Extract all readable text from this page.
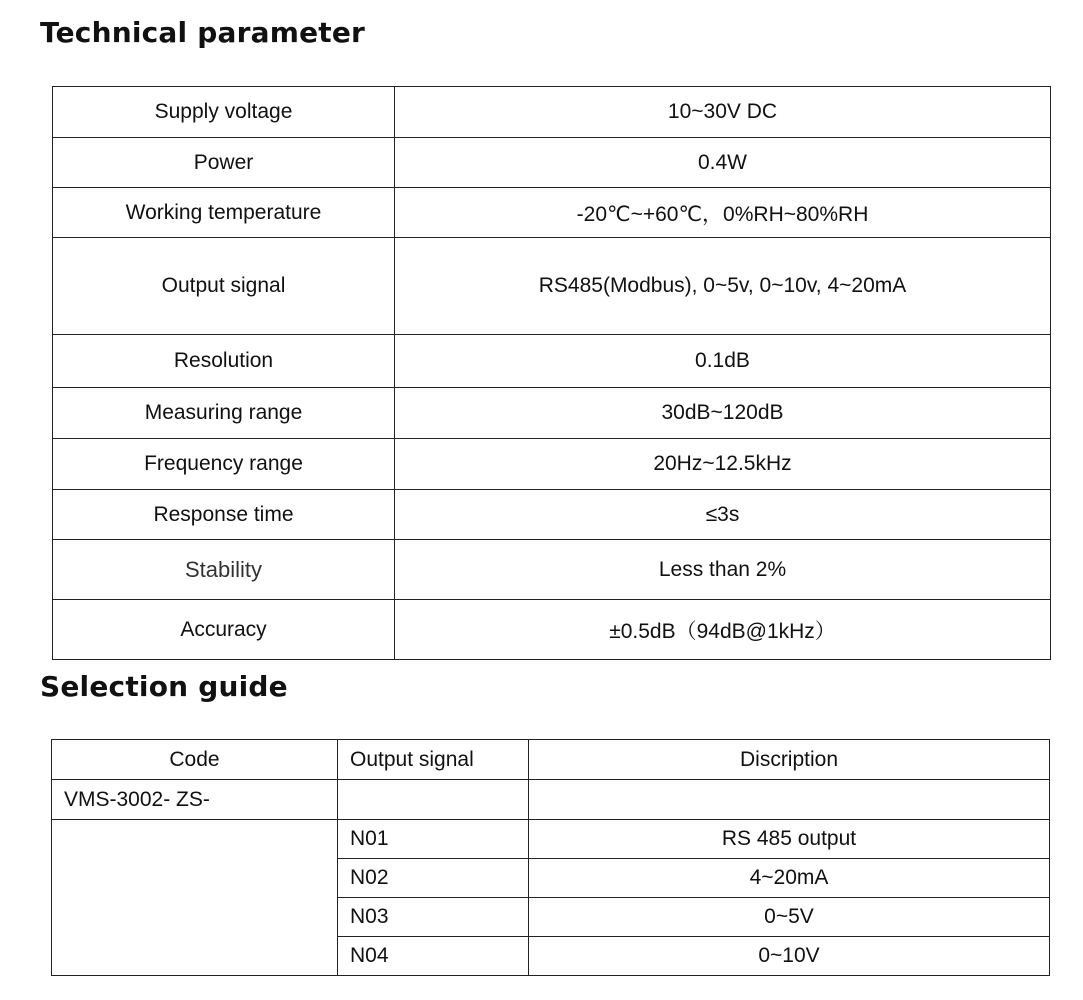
Technical parameter
Supply voltage	10~30V DC
Power	0.4W
Working temperature	-20℃~+60℃，0%RH~80%RH
Output signal	RS485(Modbus), 0~5v, 0~10v, 4~20mA
Resolution	0.1dB
Measuring range	30dB~120dB
Frequency range	20Hz~12.5kHz
Response time	≤3s
Stability	Less than 2%
Accuracy	±0.5dB（94dB@1kHz）
Selection guide
Code	Output signal	Discription
VMS-3002- ZS-		
	N01	RS 485 output
	N02	4~20mA
	N03	0~5V
	N04	0~10V
